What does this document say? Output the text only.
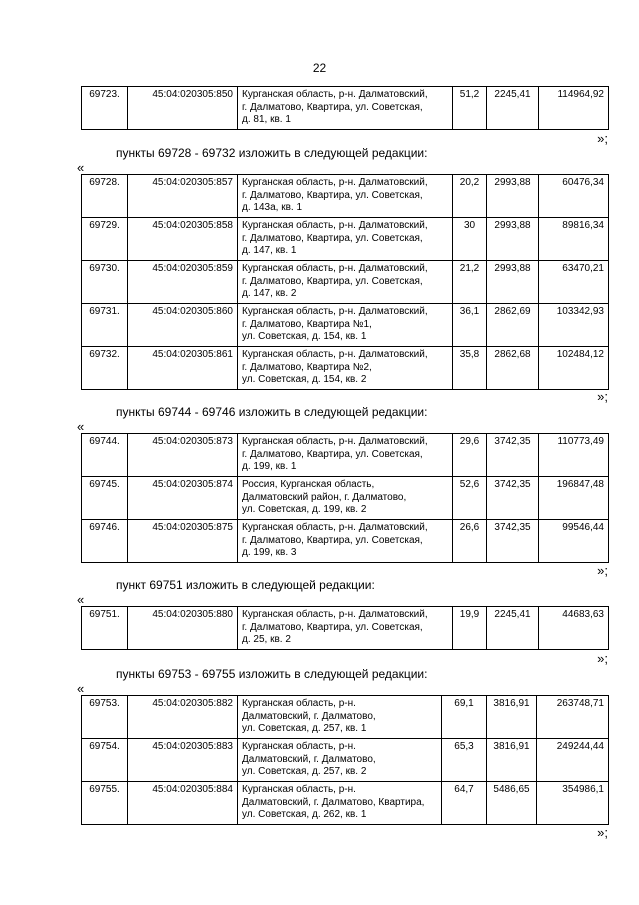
22
69723.	45:04:020305:850	Курганская область, р-н. Далматовский,
г. Далматово, Квартира, ул. Советская,
д. 81, кв. 1
	51,2	2245,41	114964,92
»;
пункты 69728 - 69732 изложить в следующей редакции:
«
69728.	45:04:020305:857	Курганская область, р-н. Далматовский,
г. Далматово, Квартира, ул. Советская,
д. 143а, кв. 1	20,2	2993,88	60476,34
69729.	45:04:020305:858	Курганская область, р-н. Далматовский,
г. Далматово, Квартира, ул. Советская,
д. 147, кв. 1	30	2993,88	89816,34
69730.	45:04:020305:859	Курганская область, р-н. Далматовский,
г. Далматово, Квартира, ул. Советская,
д. 147, кв. 2	21,2	2993,88	63470,21
69731.	45:04:020305:860	Курганская область, р-н. Далматовский,
г. Далматово, Квартира №1,
ул. Советская, д. 154, кв. 1	36,1	2862,69	103342,93
69732.	45:04:020305:861	Курганская область, р-н. Далматовский,
г. Далматово, Квартира №2,
ул. Советская, д. 154, кв. 2	35,8	2862,68	102484,12
»;
пункты 69744 - 69746 изложить в следующей редакции:
«
69744.	45:04:020305:873	Курганская область, р-н. Далматовский,
г. Далматово, Квартира, ул. Советская,
д. 199, кв. 1	29,6	3742,35	110773,49
69745.	45:04:020305:874	Россия, Курганская область,
Далматовский район, г. Далматово,
ул. Советская, д. 199, кв. 2	52,6	3742,35	196847,48
69746.	45:04:020305:875	Курганская область, р-н. Далматовский,
г. Далматово, Квартира, ул. Советская,
д. 199, кв. 3	26,6	3742,35	99546,44
»;
пункт 69751 изложить в следующей редакции:
«
69751.	45:04:020305:880	Курганская область, р-н. Далматовский,
г. Далматово, Квартира, ул. Советская,
д. 25, кв. 2
	19,9	2245,41	44683,63
»;
пункты 69753 - 69755 изложить в следующей редакции:
«
69753.	45:04:020305:882	Курганская область, р-н.
Далматовский, г. Далматово,
ул. Советская, д. 257, кв. 1	69,1	3816,91	263748,71
69754.	45:04:020305:883	Курганская область, р-н.
Далматовский, г. Далматово,
ул. Советская, д. 257, кв. 2	65,3	3816,91	249244,44
69755.	45:04:020305:884	Курганская область, р-н.
Далматовский, г. Далматово, Квартира,
ул. Советская, д. 262, кв. 1	64,7	5486,65	354986,1
»;
